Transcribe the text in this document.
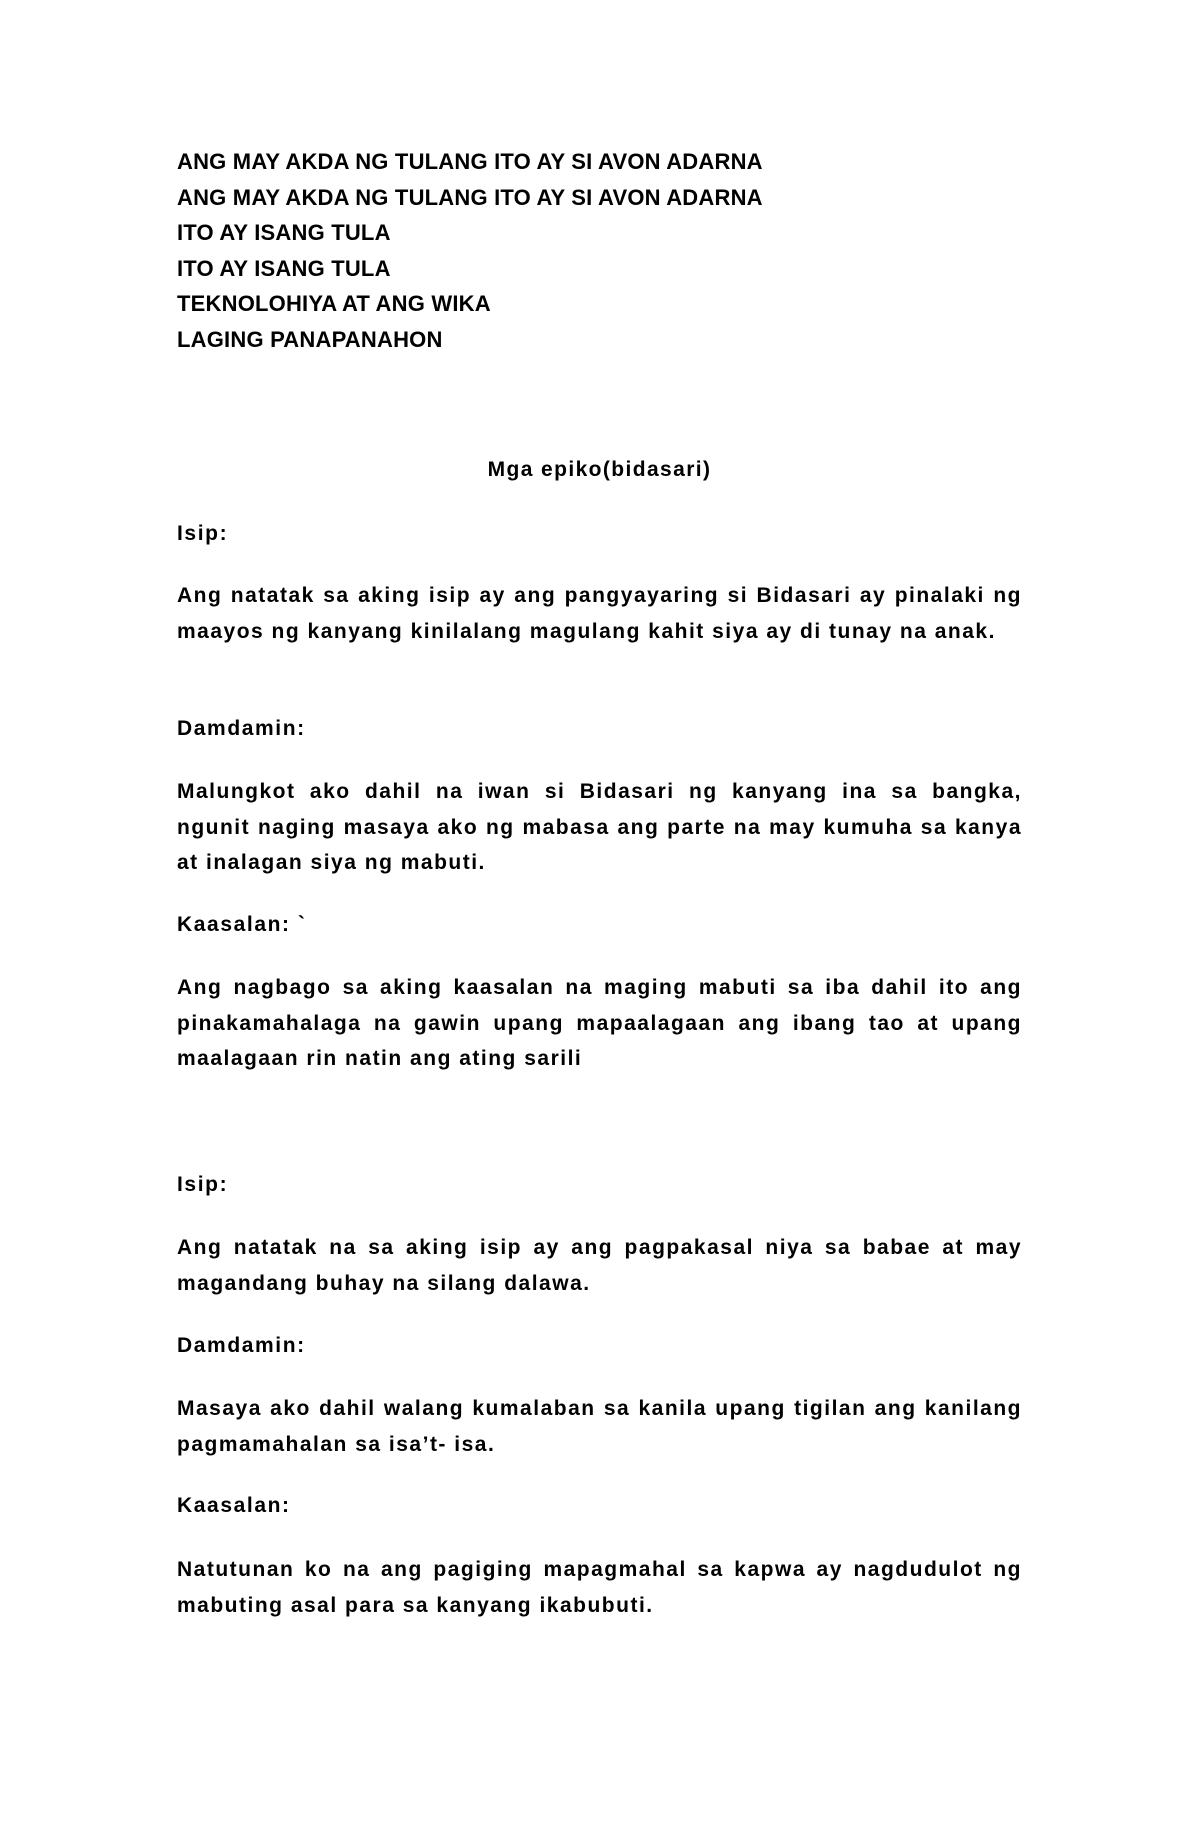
ANG MAY AKDA NG TULANG ITO AY SI AVON ADARNA

ANG MAY AKDA NG TULANG ITO AY SI AVON ADARNA

ITO AY ISANG TULA

ITO AY ISANG TULA

TEKNOLOHIYA AT ANG WIKA

LAGING PANAPANAHON

Mga epiko(bidasari)

Isip:

Ang natatak sa aking isip ay ang pangyayaring si Bidasari ay pinalaki ng maayos ng kanyang kinilalang magulang kahit siya ay di tunay na anak.

Damdamin:

Malungkot ako dahil na iwan si Bidasari ng kanyang ina sa bangka, ngunit naging masaya ako ng mabasa ang parte na may kumuha sa kanya at inalagan siya ng mabuti.

Kaasalan: `

Ang nagbago sa aking kaasalan na maging mabuti sa iba dahil ito ang pinakamahalaga na gawin upang mapaalagaan ang ibang tao at upang maalagaan rin natin ang ating sarili

Isip:

Ang natatak na sa aking isip ay ang pagpakasal niya sa babae at may magandang buhay na silang dalawa.

Damdamin:

Masaya ako dahil walang kumalaban sa kanila upang tigilan ang kanilang pagmamahalan sa isa’t- isa.

Kaasalan:

Natutunan ko na ang pagiging mapagmahal sa kapwa ay nagdudulot ng mabuting asal para sa kanyang ikabubuti.
